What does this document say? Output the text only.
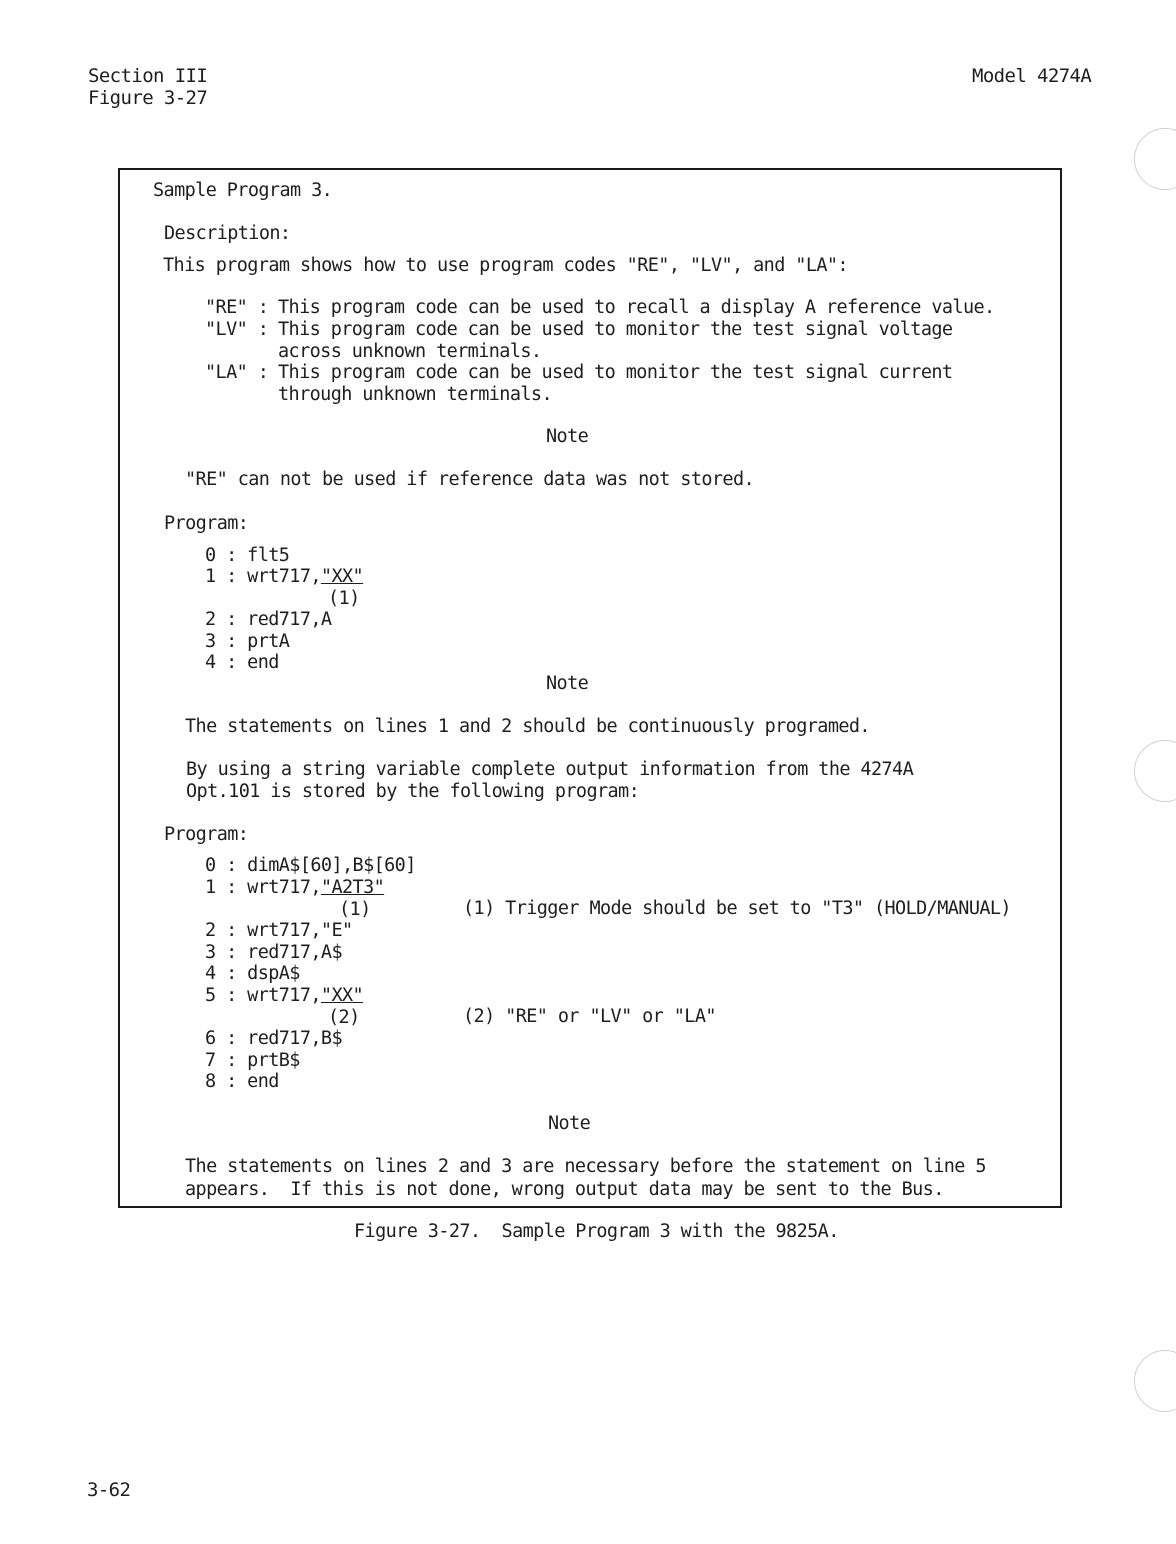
Section III
Figure 3-27
Model 4274A
Sample Program 3.
Description:
This program shows how to use program codes "RE", "LV", and "LA":
"RE" : This program code can be used to recall a display A reference value.
"LV" : This program code can be used to monitor the test signal voltage
across unknown terminals.
"LA" : This program code can be used to monitor the test signal current
through unknown terminals.
Note
"RE" can not be used if reference data was not stored.
Program:
0 : flt5
1 : wrt717,"XX"
(1)
2 : red717,A
3 : prtA
4 : end
Note
The statements on lines 1 and 2 should be continuously programed.
By using a string variable complete output information from the 4274A
Opt.101 is stored by the following program:
Program:
0 : dimA$[60],B$[60]
1 : wrt717,"A2T3"
(1)	(1) Trigger Mode should be set to "T3" (HOLD/MANUAL)
2 : wrt717,"E"
3 : red717,A$
4 : dspA$
5 : wrt717,"XX"
(2)	(2) "RE" or "LV" or "LA"
6 : red717,B$
7 : prtB$
8 : end
Note
The statements on lines 2 and 3 are necessary before the statement on line 5
appears.  If this is not done, wrong output data may be sent to the Bus.
Figure 3-27.  Sample Program 3 with the 9825A.
3-62
